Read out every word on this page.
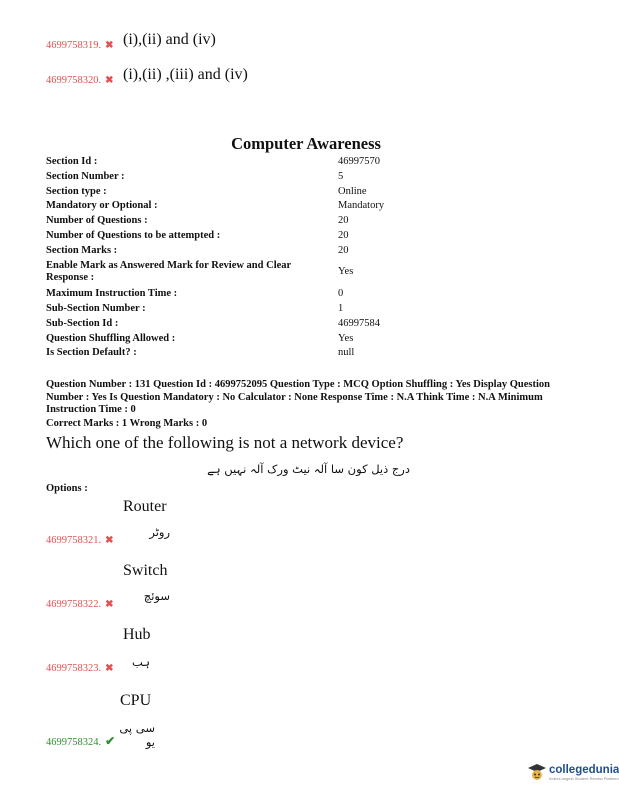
4699758319. ✖ (i),(ii) and (iv)
4699758320. ✖ (i),(ii) ,(iii) and (iv)
Computer Awareness
Section Id :	46997570
Section Number :	5
Section type :	Online
Mandatory or Optional :	Mandatory
Number of Questions :	20
Number of Questions to be attempted :	20
Section Marks :	20
Enable Mark as Answered Mark for Review and Clear Response :
Yes
Maximum Instruction Time :	0
Sub-Section Number :	1
Sub-Section Id :	46997584
Question Shuffling Allowed :	Yes
Is Section Default? :	null
Question Number : 131 Question Id : 4699752095 Question Type : MCQ Option Shuffling : Yes Display Question Number : Yes Is Question Mandatory : No Calculator : None Response Time : N.A Think Time : N.A Minimum Instruction Time : 0
Correct Marks : 1 Wrong Marks : 0
Which one of the following is not a network device?
درج ذیل کون سا آلہ نیٹ ورک آلہ نہیں ہے
Options :
Router
روٹر
4699758321. ✖
Switch
سوئچ
4699758322. ✖
Hub
ہب
4699758323. ✖
CPU
سی پی یو
4699758324. ✔
collegedunia
India's largest Student Review Platform
